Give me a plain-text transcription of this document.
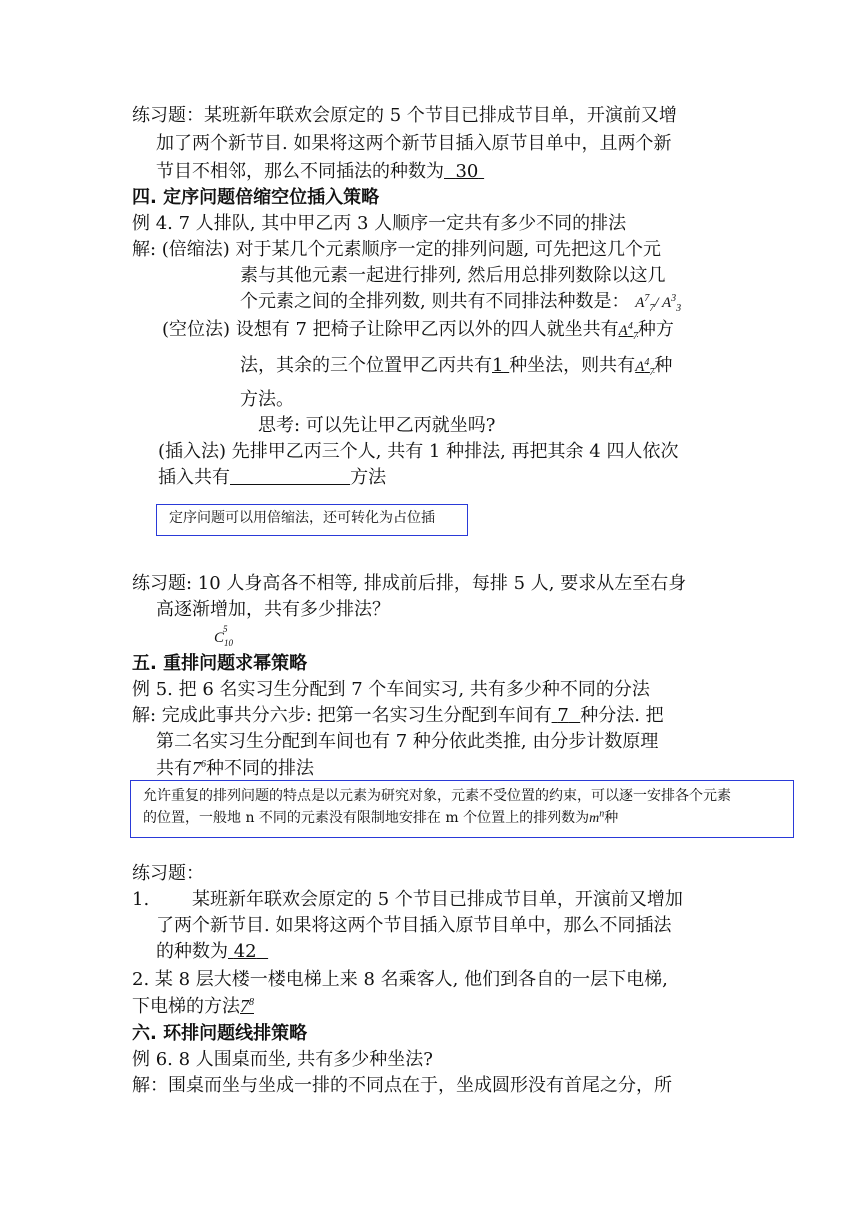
练习题：某班新年联欢会原定的 5 个节目已排成节目单，开演前又增
加了两个新节目. 如果将这两个新节目插入原节目单中，且两个新
节目不相邻，那么不同插法的种数为 30
四. 定序问题倍缩空位插入策略
例 4. 7 人排队, 其中甲乙丙 3 人顺序一定共有多少不同的排法
解: (倍缩法) 对于某几个元素顺序一定的排列问题, 可先把这几个元
素与其他元素一起进行排列, 然后用总排列数除以这几
个元素之间的全排列数, 则共有不同排法种数是： $A^7_7/$ $A^3_3$
(空位法) 设想有 7 把椅子让除甲乙丙以外的四人就坐共有$A^4_7$种方
法，其余的三个位置甲乙丙共有1 种坐法，则共有$A^4_7$种
方法。
思考: 可以先让甲乙丙就坐吗?
(插入法) 先排甲乙丙三个人, 共有 1 种排法, 再把其余 4 四人依次
插入共有	方法
定序问题可以用倍缩法，还可转化为占位插
练习题: 10 人身高各不相等, 排成前后排，每排 5 人, 要求从左至右身
高逐渐增加，共有多少排法？
$C_{10}^5$
五. 重排问题求幂策略
例 5. 把 6 名实习生分配到 7 个车间实习, 共有多少种不同的分法
解: 完成此事共分六步: 把第一名实习生分配到车间有 7 种分法. 把
第二名实习生分配到车间也有 7 种分依此类推, 由分步计数原理
共有$7^6$种不同的排法
允许重复的排列问题的特点是以元素为研究对象，元素不受位置的约束，可以逐一安排各个元素
的位置，一般地 n 不同的元素没有限制地安排在 m 个位置上的排列数为$m^n$种
练习题：
1. 某班新年联欢会原定的 5 个节目已排成节目单，开演前又增加
了两个新节目. 如果将这两个节目插入原节目单中，那么不同插法
的种数为 42
2. 某 8 层大楼一楼电梯上来 8 名乘客人, 他们到各自的一层下电梯,
下电梯的方法$7^8$
六. 环排问题线排策略
例 6. 8 人围桌而坐, 共有多少种坐法?
解：围桌而坐与坐成一排的不同点在于，坐成圆形没有首尾之分，所
